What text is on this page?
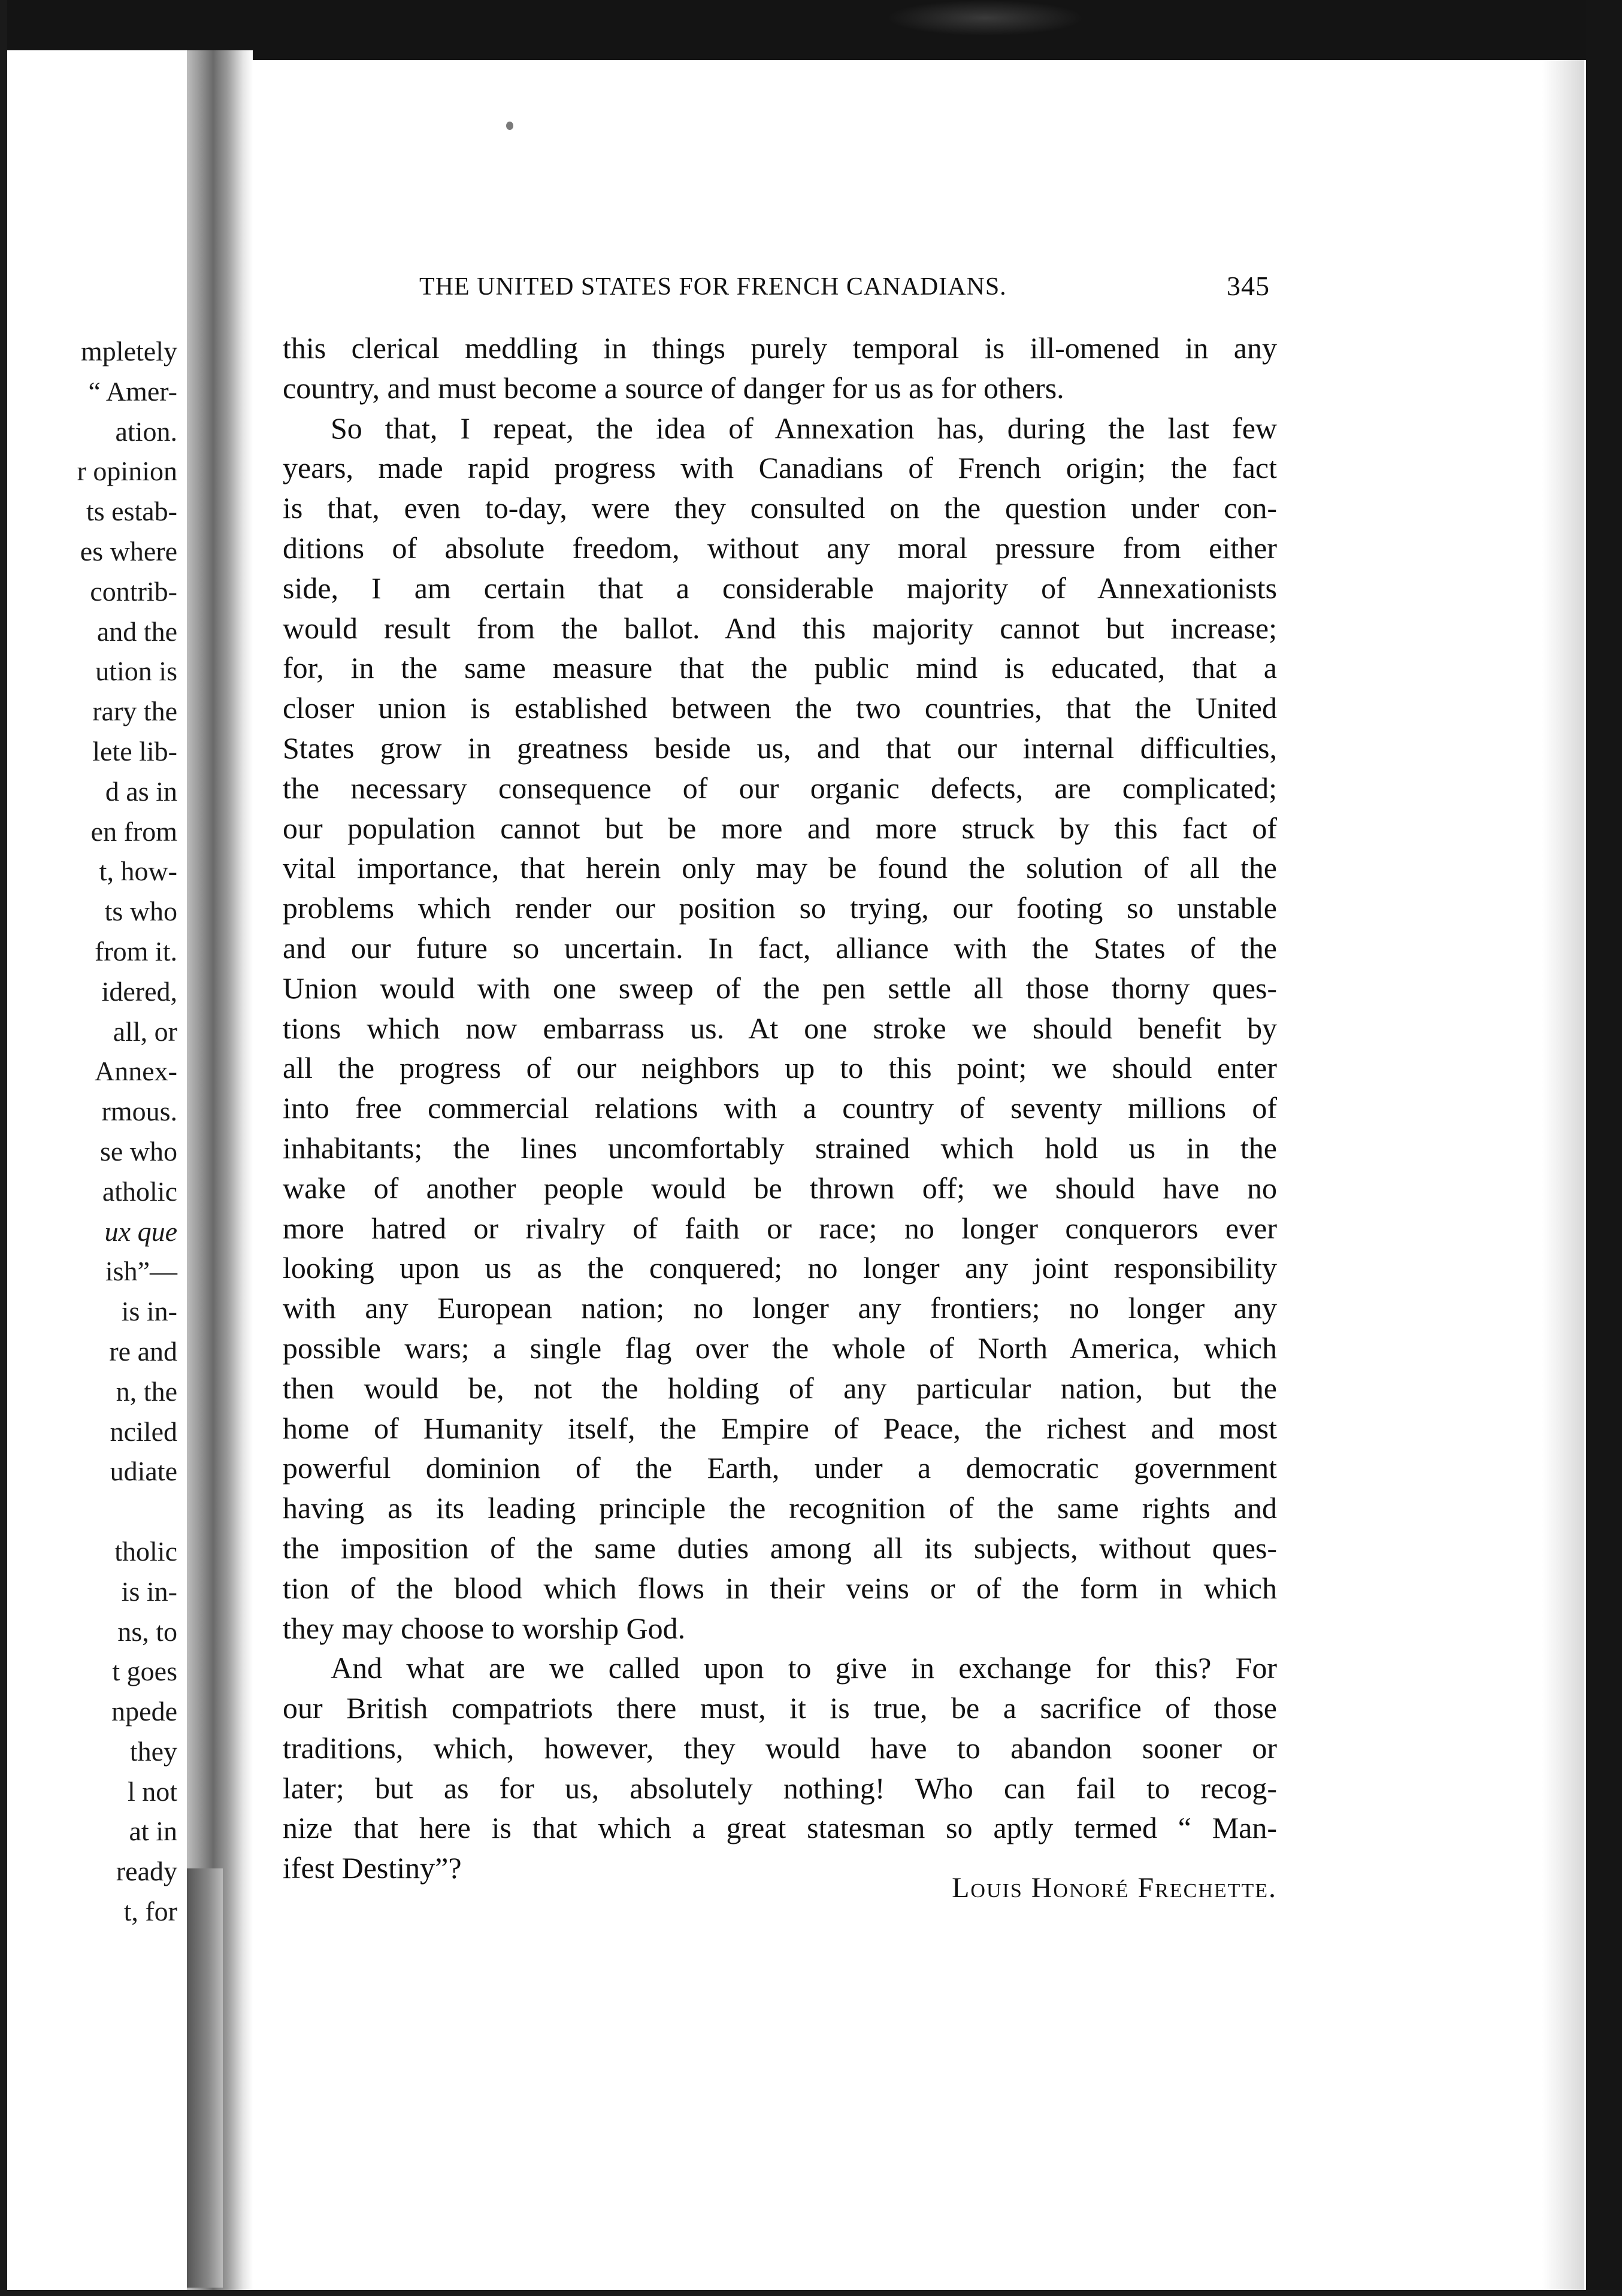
mpletely
“ Amer-
ation.
r opinion
ts estab-
es where
contrib-
and the
ution is
rary the
lete lib-
d as in
en from
t, how-
ts who
from it.
idered,
all, or
Annex-
rmous.
se who
atholic
ux que
ish”—
is in-
re and
n, the
nciled
udiate

tholic
is in-
ns, to
t goes
npede
they
l not
at in
ready
t, for
THE UNITED STATES FOR FRENCH CANADIANS.	345
this clerical meddling in things purely temporal is ill-omened in any
country, and must become a source of danger for us as for others.
So that, I repeat, the idea of Annexation has, during the last few
years, made rapid progress with Canadians of French origin; the fact
is that, even to-day, were they consulted on the question under con-
ditions of absolute freedom, without any moral pressure from either
side, I am certain that a considerable majority of Annexationists
would result from the ballot. And this majority cannot but increase;
for, in the same measure that the public mind is educated, that a
closer union is established between the two countries, that the United
States grow in greatness beside us, and that our internal difficulties,
the necessary consequence of our organic defects, are complicated;
our population cannot but be more and more struck by this fact of
vital importance, that herein only may be found the solution of all the
problems which render our position so trying, our footing so unstable
and our future so uncertain. In fact, alliance with the States of the
Union would with one sweep of the pen settle all those thorny ques-
tions which now embarrass us. At one stroke we should benefit by
all the progress of our neighbors up to this point; we should enter
into free commercial relations with a country of seventy millions of
inhabitants; the lines uncomfortably strained which hold us in the
wake of another people would be thrown off; we should have no
more hatred or rivalry of faith or race; no longer conquerors ever
looking upon us as the conquered; no longer any joint responsibility
with any European nation; no longer any frontiers; no longer any
possible wars; a single flag over the whole of North America, which
then would be, not the holding of any particular nation, but the
home of Humanity itself, the Empire of Peace, the richest and most
powerful dominion of the Earth, under a democratic government
having as its leading principle the recognition of the same rights and
the imposition of the same duties among all its subjects, without ques-
tion of the blood which flows in their veins or of the form in which
they may choose to worship God.
And what are we called upon to give in exchange for this? For
our British compatriots there must, it is true, be a sacrifice of those
traditions, which, however, they would have to abandon sooner or
later; but as for us, absolutely nothing! Who can fail to recog-
nize that here is that which a great statesman so aptly termed “ Man-
ifest Destiny”?
Louis Honoré Frechette.
